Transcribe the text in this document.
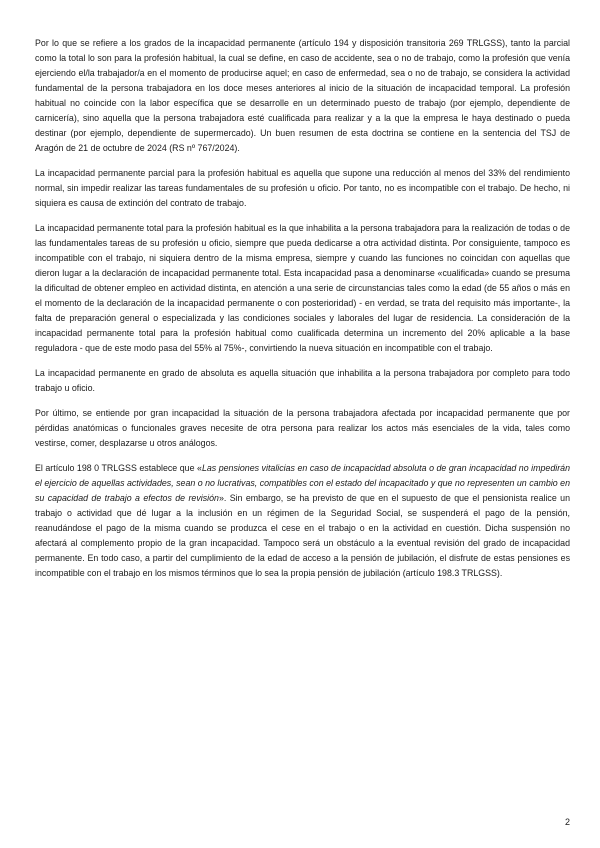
Por lo que se refiere a los grados de la incapacidad permanente (artículo 194 y disposición transitoria 269 TRLGSS), tanto la parcial como la total lo son para la profesión habitual, la cual se define, en caso de accidente, sea o no de trabajo, como la profesión que venía ejerciendo el/la trabajador/a en el momento de producirse aquel; en caso de enfermedad, sea o no de trabajo, se considera la actividad fundamental de la persona trabajadora en los doce meses anteriores al inicio de la situación de incapacidad temporal. La profesión habitual no coincide con la labor específica que se desarrolle en un determinado puesto de trabajo (por ejemplo, dependiente de carnicería), sino aquella que la persona trabajadora esté cualificada para realizar y a la que la empresa le haya destinado o pueda destinar (por ejemplo, dependiente de supermercado). Un buen resumen de esta doctrina se contiene en la sentencia del TSJ de Aragón de 21 de octubre de 2024 (RS nº 767/2024).

La incapacidad permanente parcial para la profesión habitual es aquella que supone una reducción al menos del 33% del rendimiento normal, sin impedir realizar las tareas fundamentales de su profesión u oficio. Por tanto, no es incompatible con el trabajo. De hecho, ni siquiera es causa de extinción del contrato de trabajo.

La incapacidad permanente total para la profesión habitual es la que inhabilita a la persona trabajadora para la realización de todas o de las fundamentales tareas de su profesión u oficio, siempre que pueda dedicarse a otra actividad distinta. Por consiguiente, tampoco es incompatible con el trabajo, ni siquiera dentro de la misma empresa, siempre y cuando las funciones no coincidan con aquellas que dieron lugar a la declaración de incapacidad permanente total. Esta incapacidad pasa a denominarse «cualificada» cuando se presuma la dificultad de obtener empleo en actividad distinta, en atención a una serie de circunstancias tales como la edad (de 55 años o más en el momento de la declaración de la incapacidad permanente o con posterioridad) - en verdad, se trata del requisito más importante-, la falta de preparación general o especializada y las condiciones sociales y laborales del lugar de residencia. La consideración de la incapacidad permanente total para la profesión habitual como cualificada determina un incremento del 20% aplicable a la base reguladora - que de este modo pasa del 55% al 75%-, convirtiendo la nueva situación en incompatible con el trabajo.

La incapacidad permanente en grado de absoluta es aquella situación que inhabilita a la persona trabajadora por completo para todo trabajo u oficio.

Por último, se entiende por gran incapacidad la situación de la persona trabajadora afectada por incapacidad permanente que por pérdidas anatómicas o funcionales graves necesite de otra persona para realizar los actos más esenciales de la vida, tales como vestirse, comer, desplazarse u otros análogos.

El artículo 198 0 TRLGSS establece que «Las pensiones vitalicias en caso de incapacidad absoluta o de gran incapacidad no impedirán el ejercicio de aquellas actividades, sean o no lucrativas, compatibles con el estado del incapacitado y que no representen un cambio en su capacidad de trabajo a efectos de revisión». Sin embargo, se ha previsto de que en el supuesto de que el pensionista realice un trabajo o actividad que dé lugar a la inclusión en un régimen de la Seguridad Social, se suspenderá el pago de la pensión, reanudándose el pago de la misma cuando se produzca el cese en el trabajo o en la actividad en cuestión. Dicha suspensión no afectará al complemento propio de la gran incapacidad. Tampoco será un obstáculo a la eventual revisión del grado de incapacidad permanente. En todo caso, a partir del cumplimiento de la edad de acceso a la pensión de jubilación, el disfrute de estas pensiones es incompatible con el trabajo en los mismos términos que lo sea la propia pensión de jubilación (artículo 198.3 TRLGSS).

2
